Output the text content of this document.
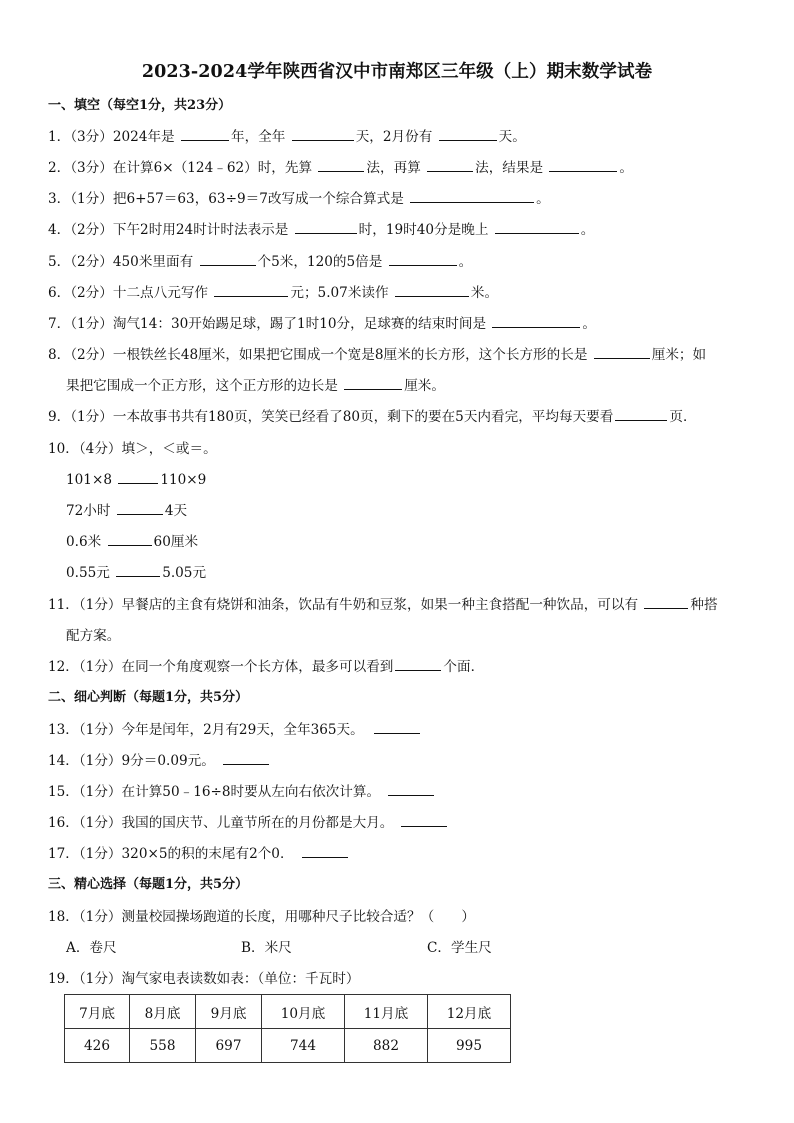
2023-2024学年陕西省汉中市南郑区三年级（上）期末数学试卷
一、填空（每空1分，共23分）
1．（3分）2024年是	年，全年	天，2月份有	天。
2．（3分）在计算6×（124﹣62）时，先算	法，再算	法，结果是	。
3．（1分）把6+57＝63，63÷9＝7改写成一个综合算式是	。
4．（2分）下午2时用24时计时法表示是	时，19时40分是晚上	。
5．（2分）450米里面有	个5米，120的5倍是	。
6．（2分）十二点八元写作	元；5.07米读作	米。
7．（1分）淘气14：30开始踢足球，踢了1时10分，足球赛的结束时间是	。
8．（2分）一根铁丝长48厘米，如果把它围成一个宽是8厘米的长方形，这个长方形的长是	厘米；如
果把它围成一个正方形，这个正方形的边长是	厘米。
9．（1分）一本故事书共有180页，笑笑已经看了80页，剩下的要在5天内看完，平均每天要看	页．
10．（4分）填＞，＜或＝。
101×8	110×9
72小时	4天
0.6米	60厘米
0.55元	5.05元
11．（1分）早餐店的主食有烧饼和油条，饮品有牛奶和豆浆，如果一种主食搭配一种饮品，可以有	种搭
配方案。
12．（1分）在同一个角度观察一个长方体，最多可以看到	个面．
二、细心判断（每题1分，共5分）
13．（1分）今年是闰年，2月有29天，全年365天。
14．（1分）9分＝0.09元。
15．（1分）在计算50﹣16÷8时要从左向右依次计算。
16．（1分）我国的国庆节、儿童节所在的月份都是大月。
17．（1分）320×5的积的末尾有2个0．
三、精心选择（每题1分，共5分）
18．（1分）测量校园操场跑道的长度，用哪种尺子比较合适？（　　）
A．卷尺	B．米尺	C．学生尺
19．（1分）淘气家电表读数如表：（单位：千瓦时）
7月底	8月底	9月底	10月底	11月底	12月底
426	558	697	744	882	995
